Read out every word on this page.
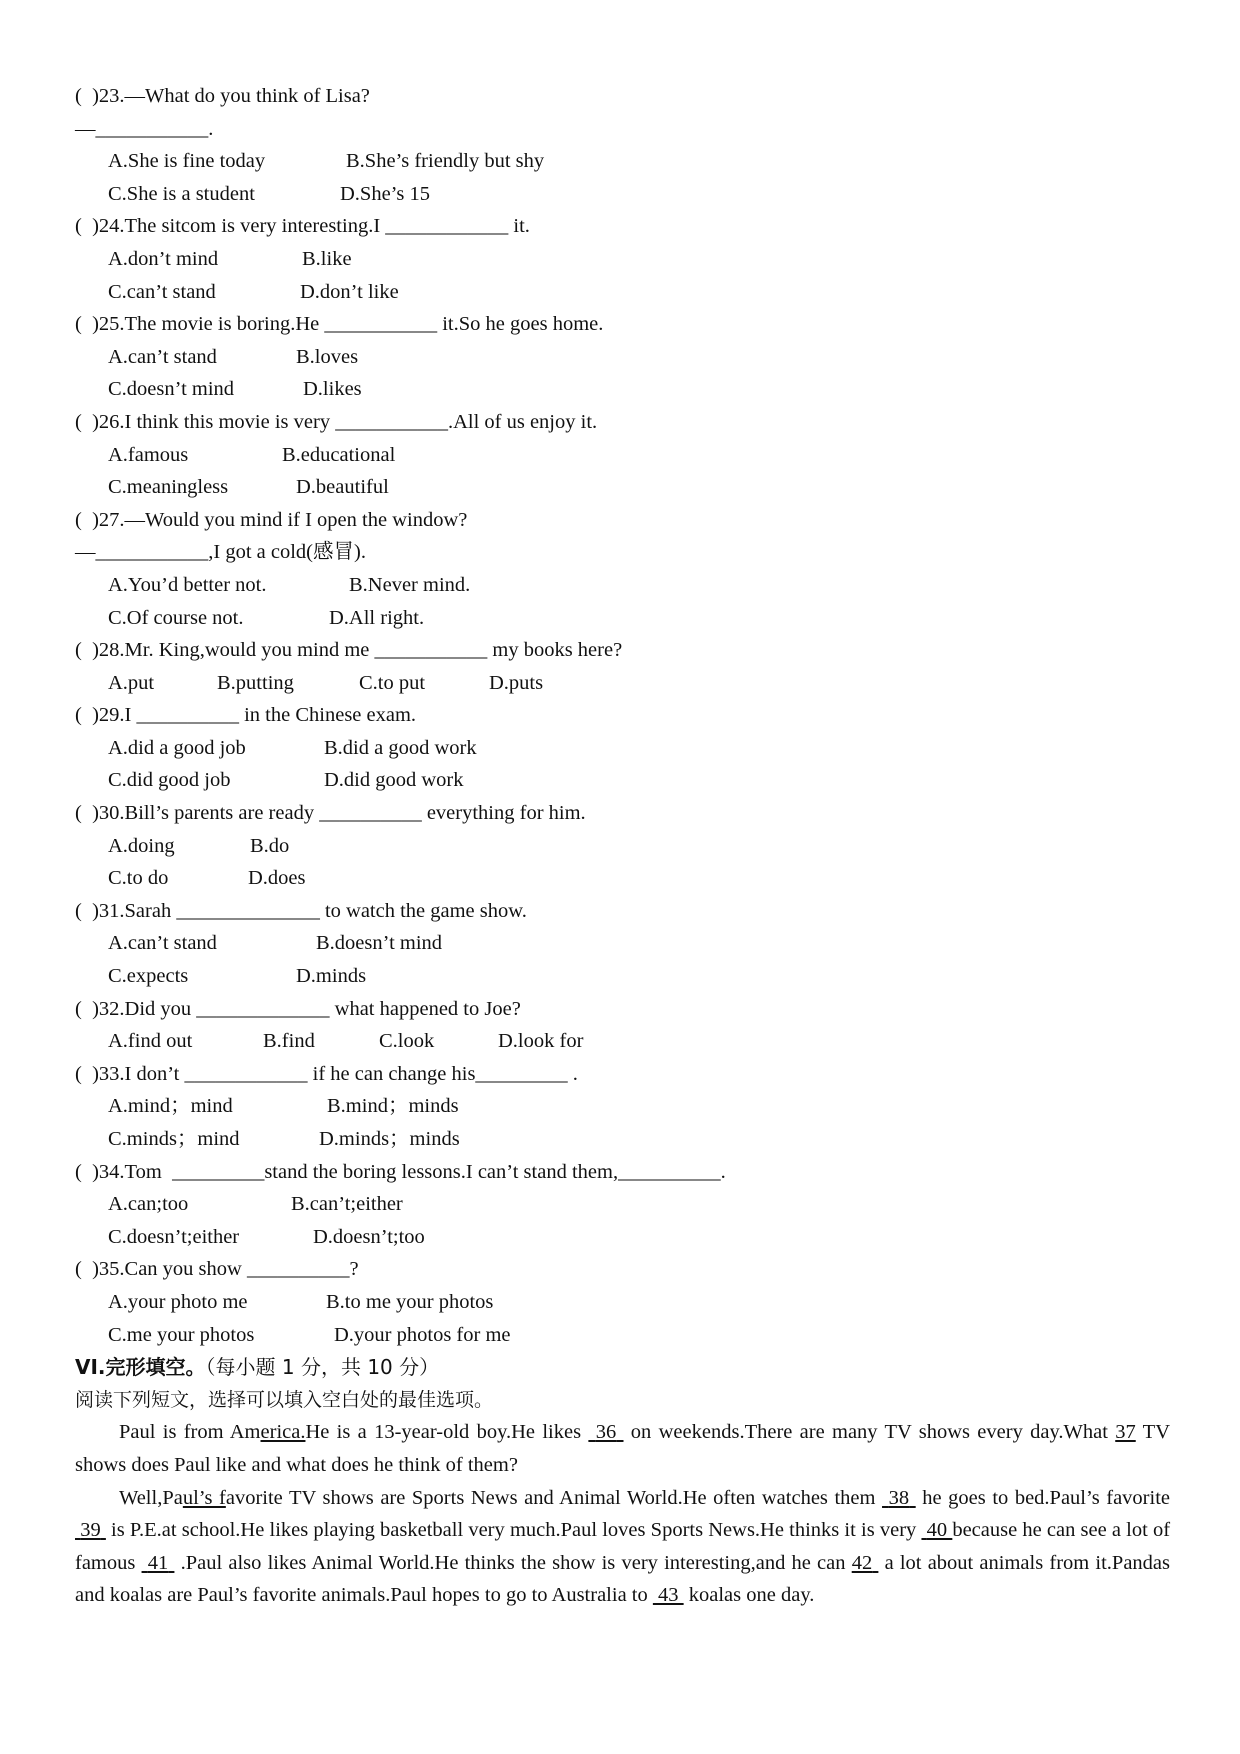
(  )23.—What do you think of Lisa?
—___________.
A.She is fine today	B.She’s friendly but shy
C.She is a student	D.She’s 15
(  )24.The sitcom is very interesting.I ____________ it.
A.don’t mind	B.like
C.can’t stand	D.don’t like
(  )25.The movie is boring.He ___________ it.So he goes home.
A.can’t stand	B.loves
C.doesn’t mind	D.likes
(  )26.I think this movie is very ___________.All of us enjoy it.
A.famous	B.educational
C.meaningless	D.beautiful
(  )27.—Would you mind if I open the window?
—___________,I got a cold(感冒).
A.You’d better not.	B.Never mind.
C.Of course not.	D.All right.
(  )28.Mr. King,would you mind me ___________ my books here?
A.put	B.putting	C.to put	D.puts
(  )29.I __________ in the Chinese exam.
A.did a good job	B.did a good work
C.did good job	D.did good work
(  )30.Bill’s parents are ready __________ everything for him.
A.doing	B.do
C.to do	D.does
(  )31.Sarah ______________ to watch the game show.
A.can’t stand	B.doesn’t mind
C.expects	D.minds
(  )32.Did you _____________ what happened to Joe?
A.find out	B.find	C.look	D.look for
(  )33.I don’t ____________ if he can change his_________ .
A.mind；mind	B.mind；minds
C.minds；mind	D.minds；minds
(  )34.Tom  _________stand the boring lessons.I can’t stand them,__________.
A.can;too	B.can’t;either
C.doesn’t;either	D.doesn’t;too
(  )35.Can you show __________?
A.your photo me	B.to me your photos
C.me your photos	D.your photos for me
VI.完形填空。（每小题 1 分，共 10 分）
阅读下列短文，选择可以填入空白处的最佳选项。
Paul is from America.He is a 13-year-old boy.He likes  36  on weekends.There are many TV shows every day.What 37 TV shows does Paul like and what does he think of them?
Well,Paul’s favorite TV shows are Sports News and Animal World.He often watches them  38  he goes to bed.Paul’s favorite  39  is P.E.at school.He likes playing basketball very much.Paul loves Sports News.He thinks it is very  40 because he can see a lot of famous  41  .Paul also likes Animal World.He thinks the show is very interesting,and he can 42  a lot about animals from it.Pandas and koalas are Paul’s favorite animals.Paul hopes to go to Australia to  43  koalas one day.
